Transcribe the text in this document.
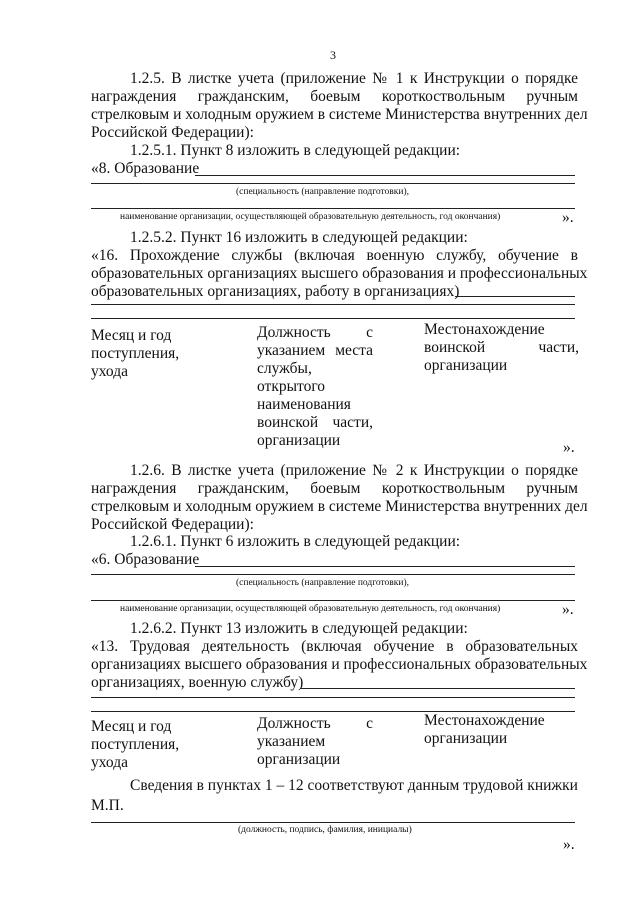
3
1.2.5. В листке учета (приложение № 1 к Инструкции о порядке
награждения гражданским, боевым короткоствольным ручным
стрелковым и холодным оружием в системе Министерства внутренних дел
Российской Федерации):
1.2.5.1. Пункт 8 изложить в следующей редакции:
«8. Образование
(специальность (направление подготовки),
наименование организации, осуществляющей образовательную деятельность, год окончания)	».
1.2.5.2. Пункт 16 изложить в следующей редакции:
«16. Прохождение службы (включая военную службу, обучение в
образовательных организациях высшего образования и профессиональных
образовательных организациях, работу в организациях)
Месяц и год
поступления,
ухода
Должность с
указанием места
службы,
открытого
наименования
воинской части,
организации
Местонахождение
воинской части,
организации
».
1.2.6. В листке учета (приложение № 2 к Инструкции о порядке
награждения гражданским, боевым короткоствольным ручным
стрелковым и холодным оружием в системе Министерства внутренних дел
Российской Федерации):
1.2.6.1. Пункт 6 изложить в следующей редакции:
«6. Образование
(специальность (направление подготовки),
наименование организации, осуществляющей образовательную деятельность, год окончания)	».
1.2.6.2. Пункт 13 изложить в следующей редакции:
«13. Трудовая деятельность (включая обучение в образовательных
организациях высшего образования и профессиональных образовательных
организациях, военную службу)
Месяц и год
поступления,
ухода
Должность с
указанием
организации
Местонахождение
организации
Сведения в пунктах 1 – 12 соответствуют данным трудовой книжки
М.П.
(должность, подпись, фамилия, инициалы)
».
